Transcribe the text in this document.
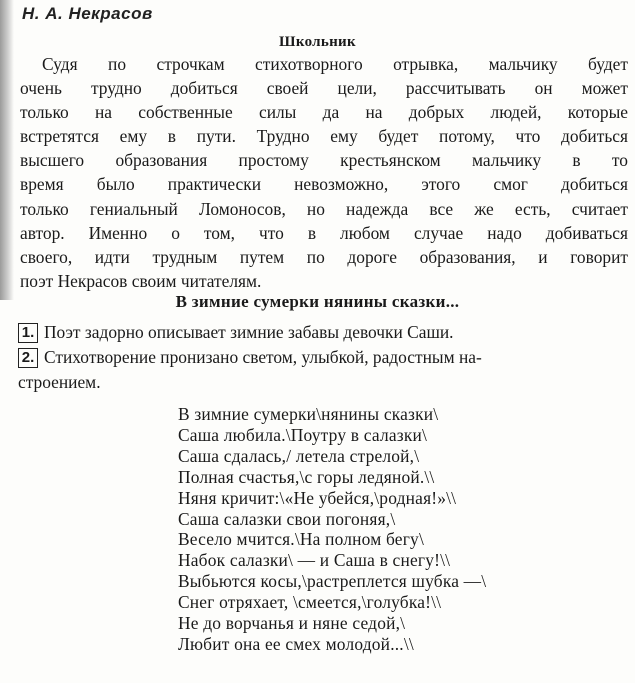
Н. А. Некрасов
Школьник
Судя по строчкам стихотворного отрывка, мальчику будет
очень трудно добиться своей цели, рассчитывать он может
только на собственные силы да на добрых людей, которые
встретятся ему в пути. Трудно ему будет потому, что добиться
высшего образования простому крестьянском мальчику в то
время было практически невозможно, этого смог добиться
только гениальный Ломоносов, но надежда все же есть, считает
автор. Именно о том, что в любом случае надо добиваться
своего, идти трудным путем по дороге образования, и говорит
поэт Некрасов своим читателям.
В зимние сумерки нянины сказки...
1. Поэт задорно описывает зимние забавы девочки Саши.
2. Стихотворение пронизано светом, улыбкой, радостным на-
строением.
В зимние сумерки\нянины сказки\
Саша любила.\Поутру в салазки\
Саша сдалась,/ летела стрелой,\
Полная счастья,\с горы ледяной.\\
Няня кричит:\«Не убейся,\родная!»\\
Саша салазки свои погоняя,\
Весело мчится.\На полном бегу\
Набок салазки\ — и Саша в снегу!\\
Выбьются косы,\растреплется шубка —\
Снег отряхает, \смеется,\голубка!\\
Не до ворчанья и няне седой,\
Любит она ее смех молодой...\\
